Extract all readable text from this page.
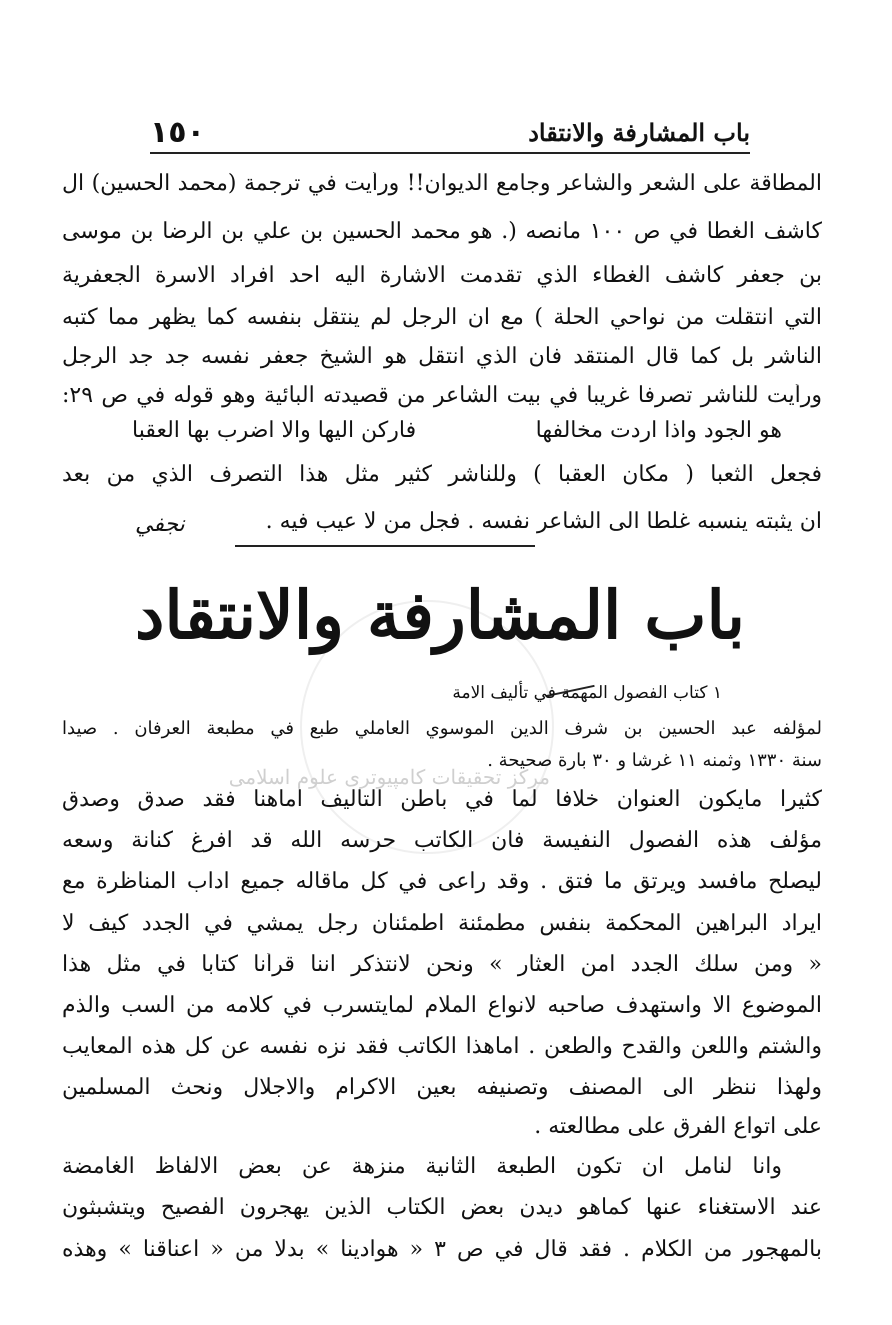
باب المشارفة والانتقاد
١٥٠
المطاقة على الشعر والشاعر وجامع الديوان!! ورأيت في ترجمة (محمد الحسين) آل
كاشف الغطا في ص ١٠٠ مانصه (. هو محمد الحسين بن علي بن الرضا بن موسى
بن جعفر كاشف الغطاء الذي تقدمت الاشارة اليه احد افراد الاسرة الجعفرية
التي انتقلت من نواحي الحلة ) مع ان الرجل لم ينتقل بنفسه كما يظهر مما كتبه
الناشر بل كما قال المنتقد فان الذي انتقل هو الشيخ جعفر نفسه جد جد الرجل
ورأيت للناشر تصرفا غريبا في بيت الشاعر من قصيدته البائية وهو قوله في ص ٢٩:
هو الجود واذا اردت مخالفها
فاركن اليها والا اضرب بها العقبا
فجعل الثعبا ( مكان العقبا ) وللناشر كثير مثل هذا التصرف الذي من بعد
ان يثبته ينسبه غلطاً الى الشاعر نفسه . فجل من لا عيب فيه .
نجفي
مركز تحقیقات کامپیوتری علوم اسلامی
باب المشارفة والانتقاد
١ كتاب الفصول المهمة في تأليف الامة
لمؤلفه عبد الحسين بن شرف الدين الموسوي العاملي طبع في مطبعة العرفان . صيدا
سنة ١٣٣٠ وثمنه ١١ غرشا و ٣٠ بارة صحيحة .
كثيراً مايكون العنوان خلافاً لما في باطن التأليف اماهنا فقد صدق وصدق
مؤلف هذه الفصول النفيسة فان الكاتب حرسه الله قد افرغ كنانة وسعه
ليصلح مافسد ويرتق ما فتق . وقد راعى في كل ماقاله جميع آداب المناظرة مع
ايراد البراهين المحكمة بنفس مطمئنة اطمئنان رجل يمشي في الجدد كيف لا
« ومن سلك الجدد امن العثار » ونحن لانتذكر اننا قرأنا كتاباً في مثل هذا
الموضوع الا واستهدف صاحبه لانواع الملام لمايتسرب في كلامه من السب والذم
والشتم واللعن والقدح والطعن . اماهذا الكاتب فقد نزه نفسه عن كل هذه المعايب
ولهذا ننظر الى المصنف وتصنيفه بعين الاكرام والاجلال ونحث المسلمين
على اتواع الفرق على مطالعته .
وانا لنأمل ان تكون الطبعة الثانية منزهة عن بعض الالفاظ الغامضة
عند الاستغناء عنها كماهو ديدن بعض الكتاب الذين يهجرون الفصيح ويتشبثون
بالمهجور من الكلام . فقد قال في ص ٣ « هوادينا » بدلا من « اعناقنا » وهذه
